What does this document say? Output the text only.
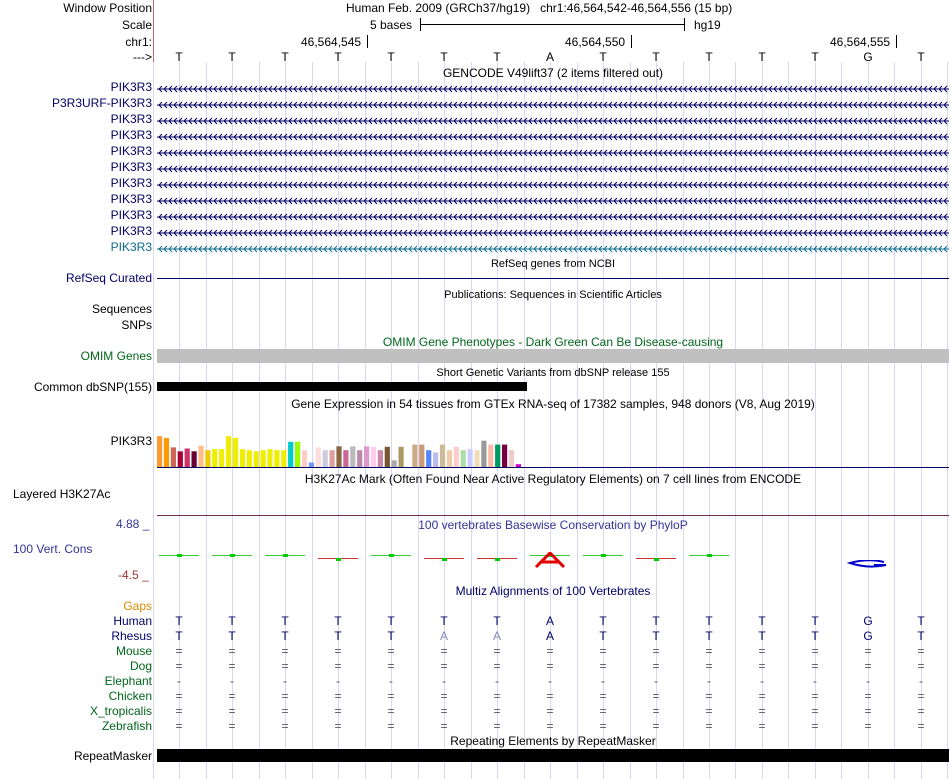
Window Position	Human Feb. 2009 (GRCh37/hg19) chr1:46,564,542-46,564,556 (15 bp)
Scale	5 bases	hg19
chr1:	46,564,545	46,564,550	46,564,555
--->	T	T	T	T	T	T	T	A	T	T	T	T	T	G	T
GENCODE V49lift37 (2 items filtered out)
PIK3R3
P3R3URF-PIK3R3
PIK3R3
PIK3R3
PIK3R3
PIK3R3
PIK3R3
PIK3R3
PIK3R3
PIK3R3
PIK3R3
RefSeq genes from NCBI
RefSeq Curated
Publications: Sequences in Scientific Articles
Sequences
SNPs
OMIM Gene Phenotypes - Dark Green Can Be Disease-causing
OMIM Genes
Short Genetic Variants from dbSNP release 155
Common dbSNP(155)
Gene Expression in 54 tissues from GTEx RNA-seq of 17382 samples, 948 donors (V8, Aug 2019)
PIK3R3
H3K27Ac Mark (Often Found Near Active Regulatory Elements) on 7 cell lines from ENCODE
Layered H3K27Ac
100 vertebrates Basewise Conservation by PhyloP
4.88 _
100 Vert. Cons
-4.5 _
Multiz Alignments of 100 Vertebrates
Gaps
Human	T	T	T	T	T	T	T	A	T	T	T	T	T	G	T
Rhesus	T	T	T	T	T	A	A	A	T	T	T	T	T	G	T
Mouse	=	=	=	=	=	=	=	=	=	=	=	=	=	=	=
Dog	=	=	=	=	=	=	=	=	=	=	=	=	=	=	=
Elephant	-	-	-	-	-	-	-	-	-	-	-	-	-	-	-
Chicken	=	=	=	=	=	=	=	=	=	=	=	=	=	=	=
X_tropicalis	=	=	=	=	=	=	=	=	=	=	=	=	=	=	=
Zebrafish	=	=	=	=	=	=	=	=	=	=	=	=	=	=	=
Repeating Elements by RepeatMasker
RepeatMasker
